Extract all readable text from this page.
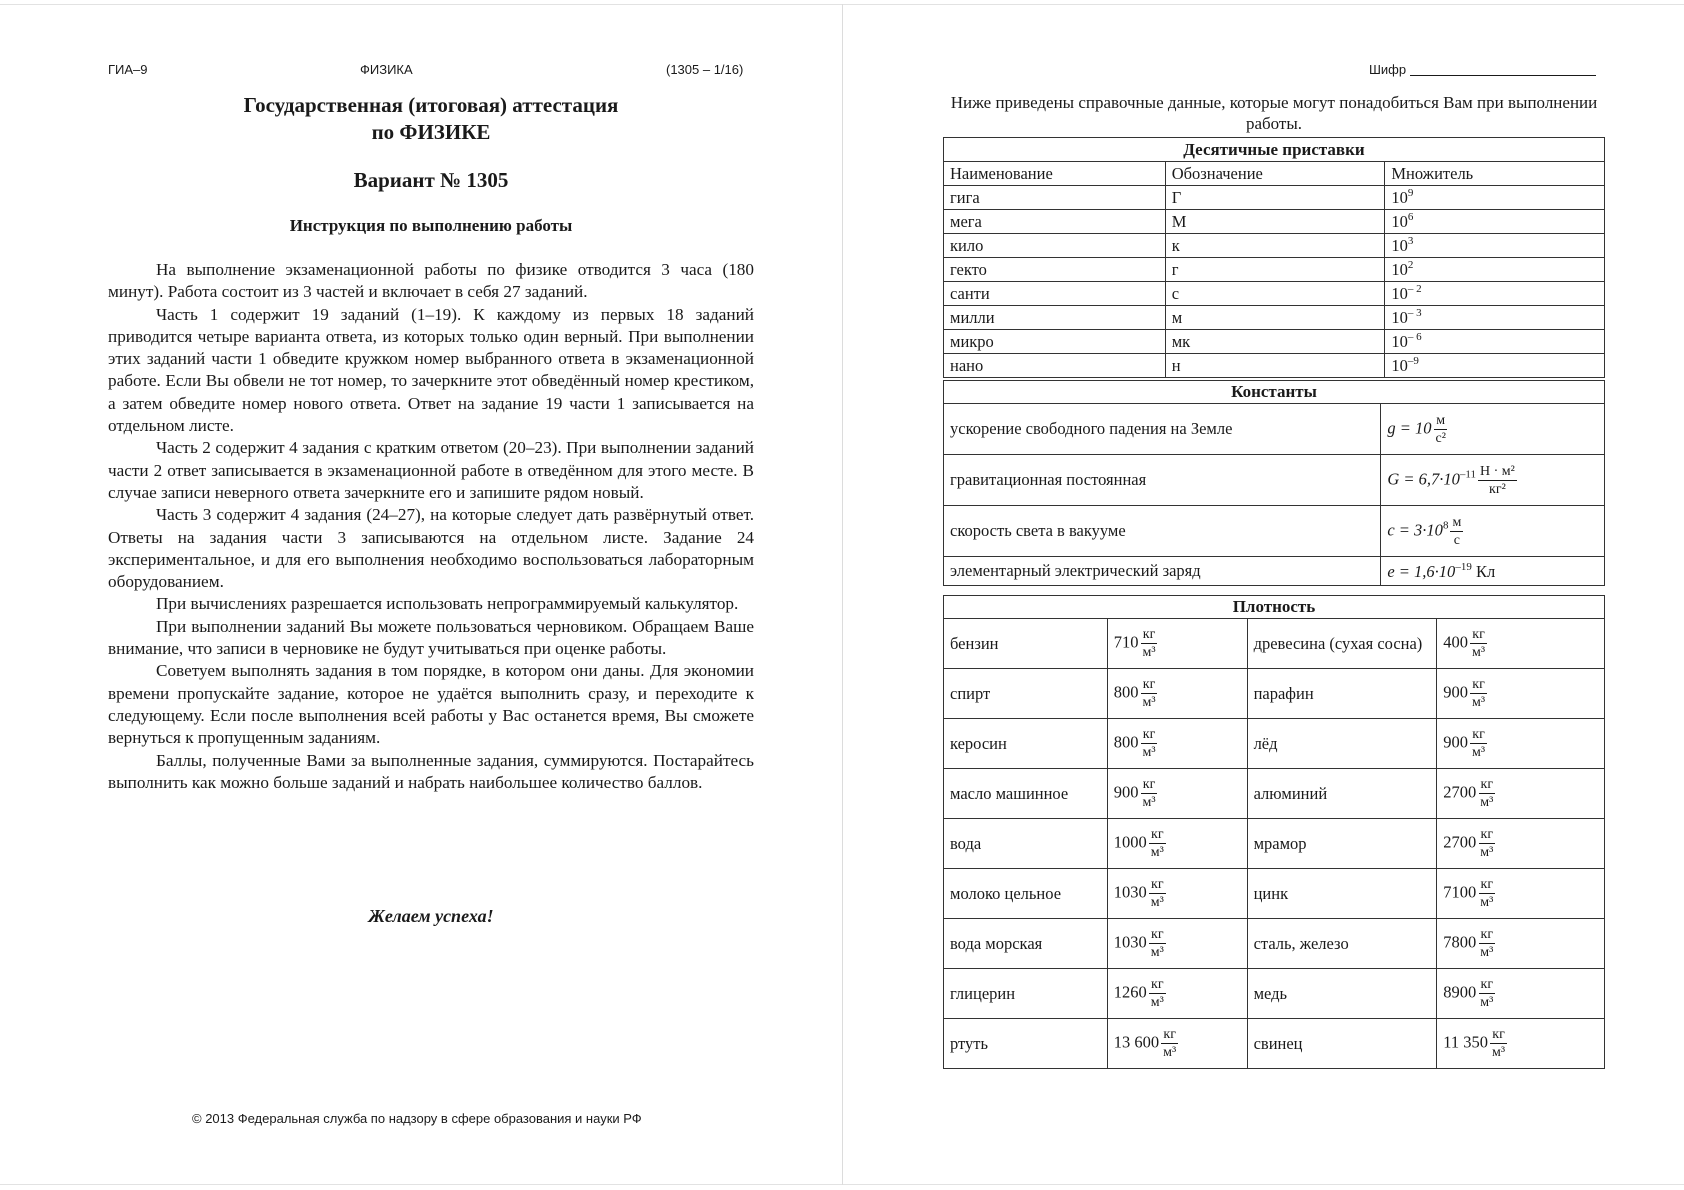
ГИА–9	ФИЗИКА	(1305 – 1/16)
Государственная (итоговая) аттестация
по ФИЗИКЕ
Вариант № 1305
Инструкция по выполнению работы

На выполнение экзаменационной работы по физике отводится 3 часа (180 минут). Работа состоит из 3 частей и включает в себя 27 заданий.

Часть 1 содержит 19 заданий (1–19). К каждому из первых 18 заданий приводится четыре варианта ответа, из которых только один верный. При выполнении этих заданий части 1 обведите кружком номер выбранного ответа в экзаменационной работе. Если Вы обвели не тот номер, то зачеркните этот обведённый номер крестиком, а затем обведите номер нового ответа. Ответ на задание 19 части 1 записывается на отдельном листе.

Часть 2 содержит 4 задания с кратким ответом (20–23). При выполнении заданий части 2 ответ записывается в экзаменационной работе в отведённом для этого месте. В случае записи неверного ответа зачеркните его и запишите рядом новый.

Часть 3 содержит 4 задания (24–27), на которые следует дать развёрнутый ответ. Ответы на задания части 3 записываются на отдельном листе. Задание 24 экспериментальное, и для его выполнения необходимо воспользоваться лабораторным оборудованием.

При вычислениях разрешается использовать непрограммируемый калькулятор.

При выполнении заданий Вы можете пользоваться черновиком. Обращаем Ваше внимание, что записи в черновике не будут учитываться при оценке работы.

Советуем выполнять задания в том порядке, в котором они даны. Для экономии времени пропускайте задание, которое не удаётся выполнить сразу, и переходите к следующему. Если после выполнения всей работы у Вас останется время, Вы сможете вернуться к пропущенным заданиям.

Баллы, полученные Вами за выполненные задания, суммируются. Постарайтесь выполнить как можно больше заданий и набрать наибольшее количество баллов.

Желаем успеха!
© 2013 Федеральная служба по надзору в сфере образования и науки РФ
Шифр
Ниже приведены справочные данные, которые могут понадобиться Вам при выполнении работы.
Десятичные приставки		
Наименование	Обозначение	Множитель
гига	Г	$10^9$
мега	М	$10^6$
кило	к	$10^3$
гекто	г	$10^2$
санти	с	$10^{- 2}$
милли	м	$10^{- 3}$
микро	мк	$10^{- 6}$
нано	н	$10^{-9}$
Константы	
ускорение свободного падения на Земле	$g = 10 \frac{м}{\text{с²}}$

гравитационная постоянная	$G = 6,7\cdot 10^{-11} \frac{\text{Н · м²}}{\text{кг²}}$

скорость света в вакууме	$c = 3\cdot 10^8 \frac{м}{с}$

элементарный электрический заряд	$e = 1,6\cdot 10^{-19}$ Кл
Плотность			
бензин	$710 \frac{кг}{\text{м³}}$	древесина (сухая сосна)	$400 \frac{кг}{\text{м³}}$

спирт	$800 \frac{кг}{\text{м³}}$	парафин	$900 \frac{кг}{\text{м³}}$

керосин	$800 \frac{кг}{\text{м³}}$	лёд	$900 \frac{кг}{\text{м³}}$

масло машинное	$900 \frac{кг}{\text{м³}}$	алюминий	$2700 \frac{кг}{\text{м³}}$

вода	$1000 \frac{кг}{\text{м³}}$	мрамор	$2700 \frac{кг}{\text{м³}}$

молоко цельное	$1030 \frac{кг}{\text{м³}}$	цинк	$7100 \frac{кг}{\text{м³}}$

вода морская	$1030 \frac{кг}{\text{м³}}$	сталь, железо	$7800 \frac{кг}{\text{м³}}$

глицерин	$1260 \frac{кг}{\text{м³}}$	медь	$8900 \frac{кг}{\text{м³}}$

ртуть	13 $600 \frac{кг}{\text{м³}}$	свинец	11 $350 \frac{кг}{\text{м³}}$
